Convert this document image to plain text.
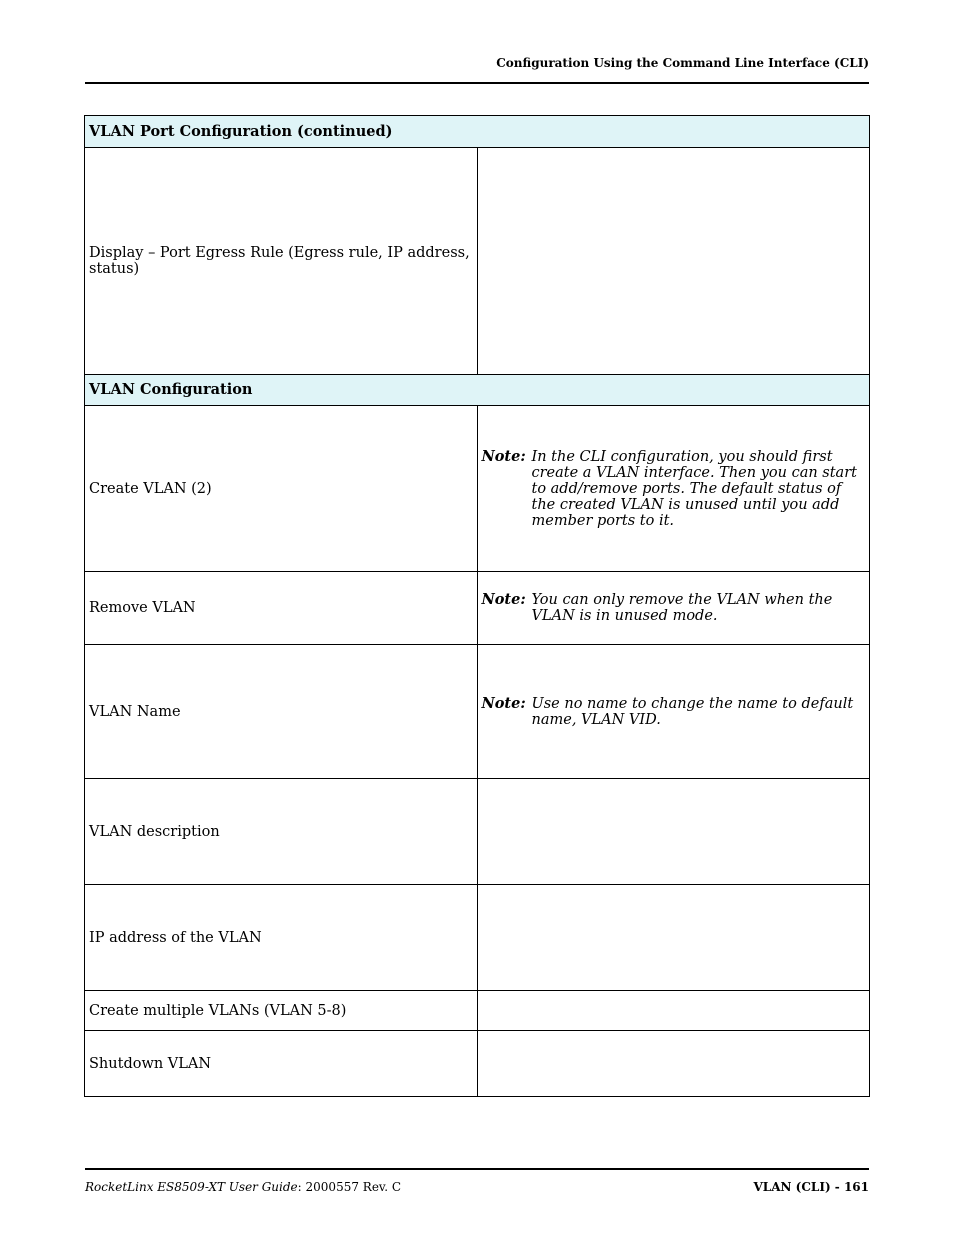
Configuration Using the Command Line Interface (CLI)
VLAN Port Configuration (continued)	
Display – Port Egress Rule (Egress rule, IP address, status)	
VLAN Configuration	
Create VLAN (2)	Note: In the CLI configuration, you should first create a VLAN interface. Then you can start to add/remove ports. The default status of the created VLAN is unused until you add member ports to it.

Remove VLAN	Note: You can only remove the VLAN when the VLAN is in unused mode.

VLAN Name	Note: Use no name to change the name to default name, VLAN VID.

VLAN description	
IP address of the VLAN	
Create multiple VLANs (VLAN 5-8)	
Shutdown VLAN	
RocketLinx ES8509-XT User Guide: 2000557 Rev. C	VLAN (CLI) - 161
